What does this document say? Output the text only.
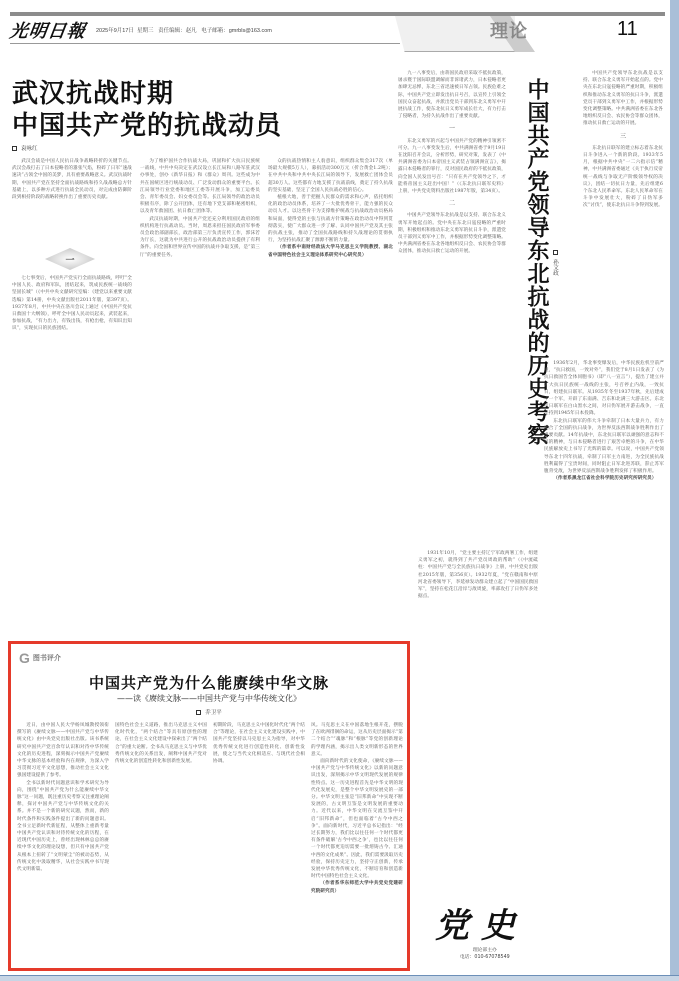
光明日報 2025年9月17日 星期三 责任编辑：赵凡 电子邮箱：gmrbls@163.com	理论	11
武汉抗战时期
中国共产党的抗战动员
袁咏红

武汉会战是中国人民抗日战争战略转折的关键节点。武汉会战打击了日本侵略者的嚣张气焰，粉碎了日军“速战速决”占领全中国的美梦，具有重要战略意义。武汉抗战时期，中国共产党在坚持全面抗战路线和持久战战略总方针基础上，以多种方式进行抗战全民动员，对完成由防御阶段到相持阶段的战略转换作出了重要历史贡献。

一

七七事变后，中国共产党实行全面抗战路线，呼吁“全中国人民、政府和军队，团结起来，筑成民族统一战线的坚固长城”（《中共中央文献研究室编：《建党以来重要文献选编》第14册，中央文献出版社2011年版，第397页）。1937年8月，中共中央在洛川会议上通过《中国共产党抗日救国十大纲领》，呼吁全中国人民动员起来，武装起来，参加抗战，“有力出力，有钱出钱，有枪出枪，有知识出知识”，实现抗日的民族团结。

为了维护国共合作抗战大局，巩固和扩大抗日民族统一战线，中共中央决定在武汉设立长江局和八路军驻武汉办事处，创办《新华日报》和《群众》周刊。这些成为中共在国统区进行统战动员、广泛发动群众的重要平台。长江局领导行业党委和地区工委等开展斗争，加工运委员会、青年委员会、妇女委员会等。长江局领导的政治动员积极有序，除了公开团体，还有地下党支部和秘密组织，以及青年救国团、抗日救亡团体等。

武汉抗战时期，中国共产党还充分利用国民政府的组织机构进行抗战动员。当时，周恩来担任国民政府军事委员会政治部副部长，政治部第三厅负责宣传工作，郭沫若为厅长，这就为中共进行公开的抗战政治动员提供了有利条件。向全国和世界宣传中国的抗战并争取支援，是“第三厅”的重要任务。

众的抗战热情和主人翁意识，组织群众集会317次（单场最大规模5万人），募捐活动300万元（折合黄金1.2吨）；在中共中央和中共中央长江局的领导下，发展救亡团体会员超30万人。这些都有力地支援了抗战前线，奠定了持久抗战的坚实基础，坚定了全国人民抗战必胜的信心。

植根大地，善于把握人民群众的需求和心声，依托组织化的政治动员体系，培养了一大批优秀骨干，能力强的民众动员人才。以这些骨干为支撑维护统战与抗战政治动员格局和局面，使得党的主张与抗战方针策略在政治动员中得到贯彻落实，使广大群众进一步了解、认同中国共产党及其主张的抗战主张，推动了全国抗战路线和持久战理论的贯彻执行，为坚持抗战汇聚了源源不断的力量。

（作者系中南财经政法大学马克思主义学院教授、湖北省中国特色社会主义理论体系研究中心研究员）

九一八事变后，由蒋国民政府采取不抵抗政策，屠杀暨于国际联盟调解而非诉诸武力，日本侵略者更加肆无忌惮，东北三省迅速被日军占领。民族危难之际，中国共产党立即发出抗日号召，以宣传上引领全国民众奋起抗战，并派出党员干部到东北义勇军中开展抗战工作，使东北抗日义勇军成长壮大，有力打击了侵略者，为持久抗战作出了重要贡献。

一

东北义勇军的兴起与中国共产党的精神引领密不可分。九一八事变发生后，中共满洲省委于9月19日在沈阳召开会议，分析形势，研究对策，发表了《中共满洲省委为日本帝国主义武装占领满洲宣言》，揭露日本侵略者的罪行，反对国民政府的不抵抗政策，向全国人民发出号召：“只有在共产党领导之下，才能将帝国主义赶出中国！”（《东北抗日联军史料》上册，中共党史资料出版社1987年版，第34页）。

二

中国共产党领导东北抗战是以支持、联合东北义勇军开始起点的。党中央在东北日寇侵略的严重时期，积极组织和推动东北义勇军的抗日斗争，派遣党员干部到义勇军中工作，并根据形势变化调整策略。中共满洲省委在东北各地组织反日会、农民协会等群众团体，推动抗日救亡运动的开展。	中国共产党领导东北抗战的历史考察 孙文政

中国共产党领导东北抗战是以支持、联合东北义勇军开始起点的。党中央在东北日寇侵略的严重时期，积极组织和推动东北义勇军的抗日斗争，派遣党员干部到义勇军中工作，并根据形势变化调整策略。中共满洲省委在东北各地组织反日会、农民协会等群众团体，推动抗日救亡运动的开展。

三

东北抗日联军的建立标志着东北抗日斗争进入一个新的阶段。1933年5月，根据中共中央“一二六指示信”精神，中共满洲省委通过《关于执行反帝统一战线与争取无产阶级领导权的决议》，团结一切抗日力量，先后组建6个东北人民革命军。东北人民革命军在斗争中发展壮大，粉碎了日伪军多次“讨伐”，使东北抗日斗争得到发展。

1931年10月，“党主要主持辽宁军政两署工作，组建义勇军之初，就得到了共产党员周政的帮助”（《中流砥柱：中国共产党与全民族抗日战争》上册，中共党史出版社2015年版，第356页）。1932年夏，“党在赣南和中原河北省委领导下，李延禄发动群众建立起了“中国国民救国军”，坚持在松花江沿岸与敌周旋，率部攻打了日伪军多处据点。

1936年2月，华北事变爆发后，中华民族危机空前严重，“抗日救国，一致对外”，我们党于8月1日发表了《为抗日救国告全体同胞书》（即“八一宣言”），提出了建立并扩大抗日民族统一战线的主张，号召停止内战，一致抗日，组建抗日联军。从1935年冬至1937年秋，先后建成十一个军，开辟了东南满、吉东和北满三大游击区。东北抗日联军在白山黑水之间，对日伪军展开游击战争，一直坚持到1945年日本投降。

东北抗日联军的伟大斗争牵制了日本大量兵力，有力配合了全国的抗日战争，为世界反法西斯战争胜利作出了重要贡献。14年抗战中，东北抗日联军以顽强的意志和不屈的精神，与日本侵略者进行了艰苦卓绝的斗争，在中华民族解放史上书写了光辉的篇章。可以说，中国共产党领导东北十四年抗战，牵制了日军主力南进，为全民族抗战胜利赢得了宝贵时间，同时阻止日军北进苏联，辞止苏军腹背受敌，为世界反法西斯战争胜利发挥了积极作用。

（作者系黑龙江省社会科学院历史研究所研究员）

G 图书评介
中国共产党为什么能赓续中华文脉
——读《赓续文脉——中国共产党与中华传统文化》
乔卫平

近日，由中国人民大学杨凤城教授领衔撰写的《赓续文脉——中国共产党与中华传统文化》由中央党史出版社出版。该书系统研究中国共产党百余年认识和对待中华传统文化的历史进程，深刻揭示中国共产党赓续中华文脉的基本经验和内在规律，为深入学习贯彻习近平文化思想，推动社会主义文化强国建设提供了参考。

全书以新时代问题意识和学术研究为导向，围绕“中国共产党为什么能赓续中华文脉”这一问题，既注重历史考察又注重理论阐释，探讨中国共产党与中华传统文化的关系。并不是一个新的研究议题，然而，新的时代条件和实践条件提出了新的问题意识。全书立足新时代新征程，从整体上重新考量中国共产党认识和对待传统文化的历程，在近现代中国历史上，曾经出现林林总总的赓续中华文化的理论设想，但只有中国共产党从根本上扭转了“文明蒙尘”的被动态势，从传统文化中汲取精华，从社会实践中书写现代文明新篇。

国特色社会主义道路，推出马克思主义中国化时代化，“两个结合”等具有原创性的理论，在社会主义文化建设中探索出了“两个结合”的重大论断。全书从马克思主义与中华优秀传统文化的关系出发，阐释中国共产党对传统文化的创造性转化和创新性发展。

初期阶段，马克思主义中国化时代化“两个结合”等理论，在社会主义文化建设实践中，中国共产党坚持以马克思主义为指导，对中华优秀传统文化进行创造性转化、创新性发展，使之与当代文化相适应、与现代社会相协调。

风。马克思主义在中国落地生根开花，摆脱了在欧洲徘徊的命运，这从历史层面揭示“第二个结合”“魂脉”和“根脉”等党的创新理论的学理内涵，揭示出人类文明新形态的世界意义。

面向新时代的文化使命，《赓续文脉——中国共产党与中华传统文化》以新的问题意识出发，深刻揭示中华文明现代发展的规律性特点。这一历史进程首先是中华文明的现代化发展史，是整个中华文明发展史的一部分。中华文明主张是“旧邦新命”中实现不断发展的，古文明互鉴是文明发展的重要动力。近代以来，中华文明在交流互鉴中开启“旧邦新命”，但也面临着“古今中西之争”。面向新时代，习近平总书记指出：“经过长期努力，我们比以往任何一个时代都更有条件破解‘古今中西之争’，也比以往任何一个时代都更迫切需要一批熔铸古今、汇通中西的文化成果”。因此，我们需要汲取历史经验，保持历史定力，坚持守正创新，传承发展中华优秀传统文化，不断培育和创造新时代中国特色社会主义文化。

（作者系华东师范大学中共党史党建研究院研究员）

党史
理论部主办
电话：010-67078549
